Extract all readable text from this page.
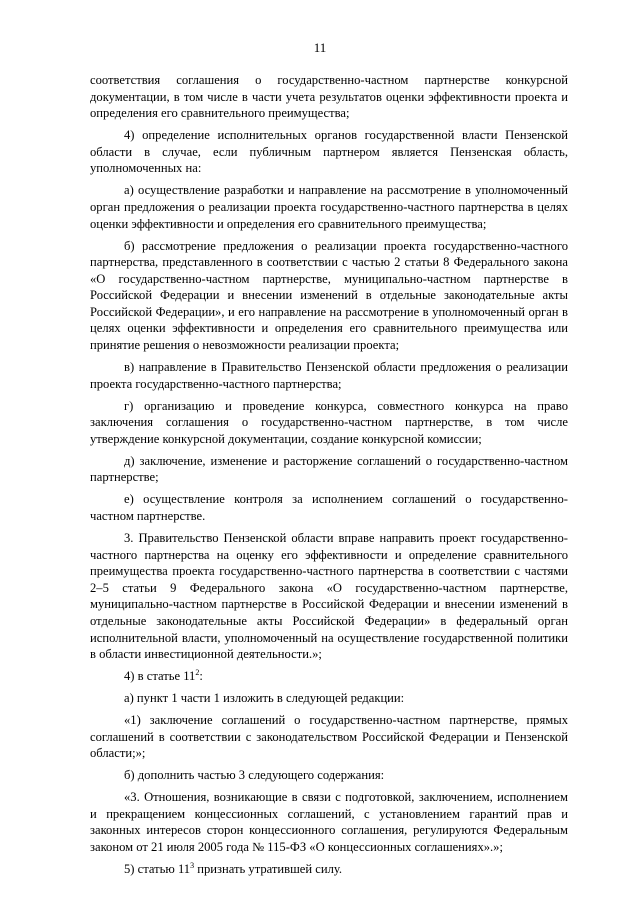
11

соответствия соглашения о государственно-частном партнерстве конкурсной документации, в том числе в части учета результатов оценки эффективности проекта и определения его сравнительного преимущества;

4) определение исполнительных органов государственной власти Пензенской области в случае, если публичным партнером является Пензенская область, уполномоченных на:

а) осуществление разработки и направление на рассмотрение в уполномоченный орган предложения о реализации проекта государственно-частного партнерства в целях оценки эффективности и определения его сравнительного преимущества;

б) рассмотрение предложения о реализации проекта государственно-частного партнерства, представленного в соответствии с частью 2 статьи 8 Федерального закона «О государственно-частном партнерстве, муниципально-частном партнерстве в Российской Федерации и внесении изменений в отдельные законодательные акты Российской Федерации», и его направление на рассмотрение в уполномоченный орган в целях оценки эффективности и определения его сравнительного преимущества или принятие решения о невозможности реализации проекта;

в) направление в Правительство Пензенской области предложения о реализации проекта государственно-частного партнерства;

г) организацию и проведение конкурса, совместного конкурса на право заключения соглашения о государственно-частном партнерстве, в том числе утверждение конкурсной документации, создание конкурсной комиссии;

д) заключение, изменение и расторжение соглашений о государственно-частном партнерстве;

е) осуществление контроля за исполнением соглашений о государственно-частном партнерстве.

3. Правительство Пензенской области вправе направить проект государственно-частного партнерства на оценку его эффективности и определение сравнительного преимущества проекта государственно-частного партнерства в соответствии с частями 2–5 статьи 9 Федерального закона «О государственно-частном партнерстве, муниципально-частном партнерстве в Российской Федерации и внесении изменений в отдельные законодательные акты Российской Федерации» в федеральный орган исполнительной власти, уполномоченный на осуществление государственной политики в области инвестиционной деятельности.»;

4) в статье $11^2$:

а) пункт 1 части 1 изложить в следующей редакции:

«1) заключение соглашений о государственно-частном партнерстве, прямых соглашений в соответствии с законодательством Российской Федерации и Пензенской области;»;

б) дополнить частью 3 следующего содержания:

«3. Отношения, возникающие в связи с подготовкой, заключением, исполнением и прекращением концессионных соглашений, с установлением гарантий прав и законных интересов сторон концессионного соглашения, регулируются Федеральным законом от 21 июля 2005 года № 115-ФЗ «О концессионных соглашениях».»;

5) статью $11^3$ признать утратившей силу.
